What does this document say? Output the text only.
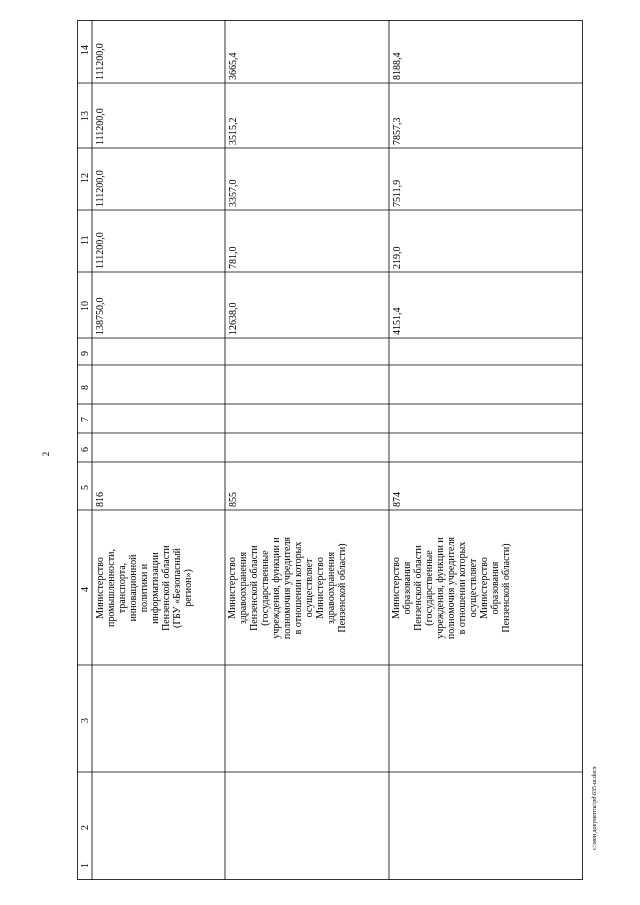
2
14
13
12
11
10
9
8
7
6
5
4
3
2
1
111200,0
111200,0
111200,0
111200,0
138750,0
816
Министерство
промышленности,
транспорта,
инновационной
политики и
информатизации
Пензенской области
(ГБУ «Безопасный
регион»)
3665,4
3515,2
3357,0
781,0
12638,0
855
Министерство
здравоохранения
Пензенской области
(государственные
учреждения, функции и
полномочия учредителя
в отношении которых
осуществляет
Министерство
здравоохранения
Пензенской области)
8188,4
7857,3
7511,9
219,0
4151,4
874
Министерство
образования
Пензенской области
(государственные
учреждения, функции и
полномочия учредителя
в отношении которых
осуществляет
Министерство
образования
Пензенской области)
c:\мои документы\pd\635-ш.docx
